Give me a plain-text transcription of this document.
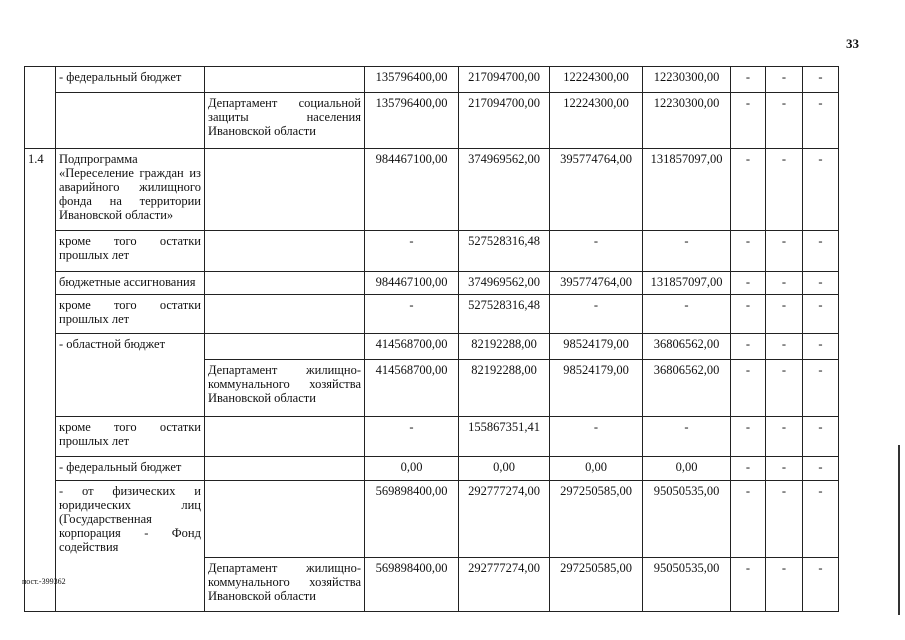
33
	- федеральный бюджет		135796400,00	217094700,00	12224300,00	12230300,00	-	-	-
		Департамент социальной защиты населения Ивановской области	135796400,00	217094700,00	12224300,00	12230300,00	-	-	-
1.4	Подпрограмма «Переселение граждан из аварийного жилищного фонда на территории Ивановской области»		984467100,00	374969562,00	395774764,00	131857097,00	-	-	-
	кроме того остатки прошлых лет		-	527528316,48	-	-	-	-	-
	бюджетные ассигнования		984467100,00	374969562,00	395774764,00	131857097,00	-	-	-
	кроме того остатки прошлых лет		-	527528316,48	-	-	-	-	-
	- областной бюджет		414568700,00	82192288,00	98524179,00	36806562,00	-	-	-
		Департамент жилищно-коммунального хозяйства Ивановской области	414568700,00	82192288,00	98524179,00	36806562,00	-	-	-
	кроме того остатки прошлых лет		-	155867351,41	-	-	-	-	-
	- федеральный бюджет		0,00	0,00	0,00	0,00	-	-	-
	- от физических и юридических лиц (Государственная корпорация - Фонд содействия		569898400,00	292777274,00	297250585,00	95050535,00	-	-	-
		Департамент жилищно-коммунального хозяйства Ивановской области	569898400,00	292777274,00	297250585,00	95050535,00	-	-	-
пост.-399362
